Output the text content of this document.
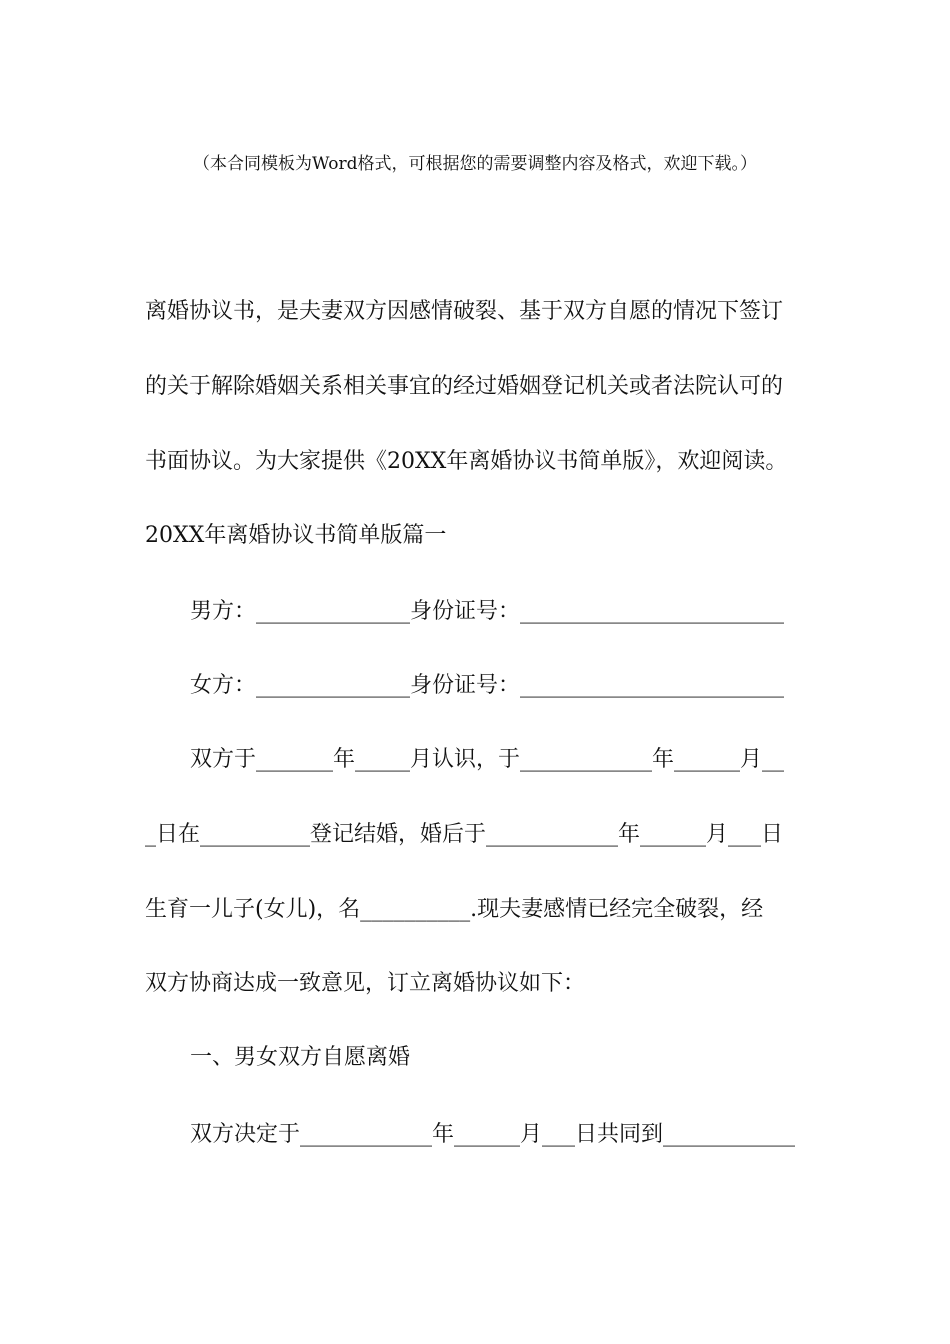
（本合同模板为Word格式，可根据您的需要调整内容及格式，欢迎下载。）
离婚协议书，是夫妻双方因感情破裂、基于双方自愿的情况下签订
的关于解除婚姻关系相关事宜的经过婚姻登记机关或者法院认可的
书面协议。为大家提供《20XX年离婚协议书简单版》，欢迎阅读。
20XX年离婚协议书简单版篇一
男方：______________身份证号：________________________
女方：______________身份证号：________________________
双方于_______年_____月认识，于____________年______月__
_日在__________登记结婚，婚后于____________年______月___日
生育一儿子(女儿)，名__________.现夫妻感情已经完全破裂，经
双方协商达成一致意见，订立离婚协议如下：
一、男女双方自愿离婚
双方决定于____________年______月___日共同到____________
